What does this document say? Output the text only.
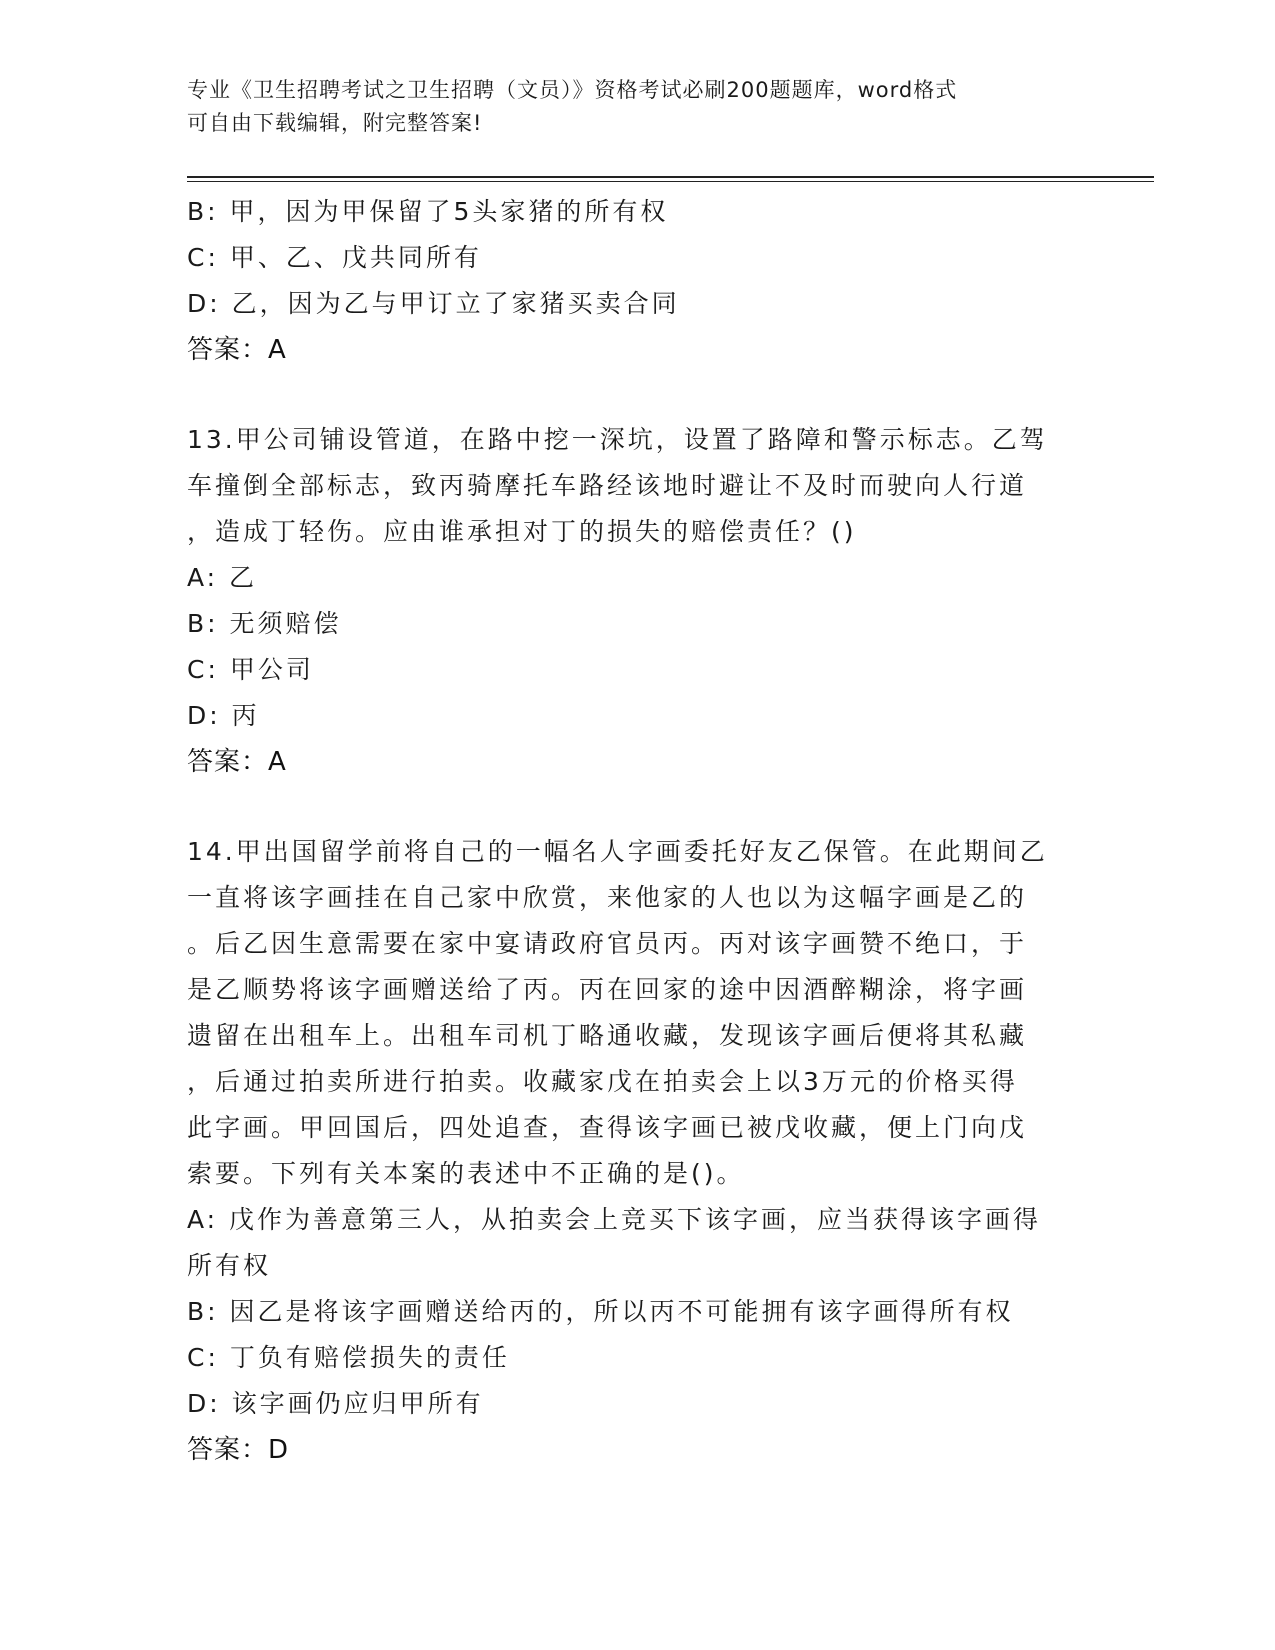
专业《卫生招聘考试之卫生招聘（文员）》资格考试必刷200题题库，word格式
可自由下载编辑，附完整答案!
B: 甲，因为甲保留了5头家猪的所有权
C: 甲、乙、戊共同所有
D: 乙，因为乙与甲订立了家猪买卖合同
答案：A
13.甲公司铺设管道，在路中挖一深坑，设置了路障和警示标志。乙驾
车撞倒全部标志，致丙骑摩托车路经该地时避让不及时而驶向人行道
，造成丁轻伤。应由谁承担对丁的损失的赔偿责任？()
A: 乙
B: 无须赔偿
C: 甲公司
D: 丙
答案：A
14.甲出国留学前将自己的一幅名人字画委托好友乙保管。在此期间乙
一直将该字画挂在自己家中欣赏，来他家的人也以为这幅字画是乙的
。后乙因生意需要在家中宴请政府官员丙。丙对该字画赞不绝口，于
是乙顺势将该字画赠送给了丙。丙在回家的途中因酒醉糊涂，将字画
遗留在出租车上。出租车司机丁略通收藏，发现该字画后便将其私藏
，后通过拍卖所进行拍卖。收藏家戊在拍卖会上以3万元的价格买得
此字画。甲回国后，四处追查，查得该字画已被戊收藏，便上门向戊
索要。下列有关本案的表述中不正确的是()。
A: 戊作为善意第三人，从拍卖会上竞买下该字画，应当获得该字画得
所有权
B: 因乙是将该字画赠送给丙的，所以丙不可能拥有该字画得所有权
C: 丁负有赔偿损失的责任
D: 该字画仍应归甲所有
答案：D
